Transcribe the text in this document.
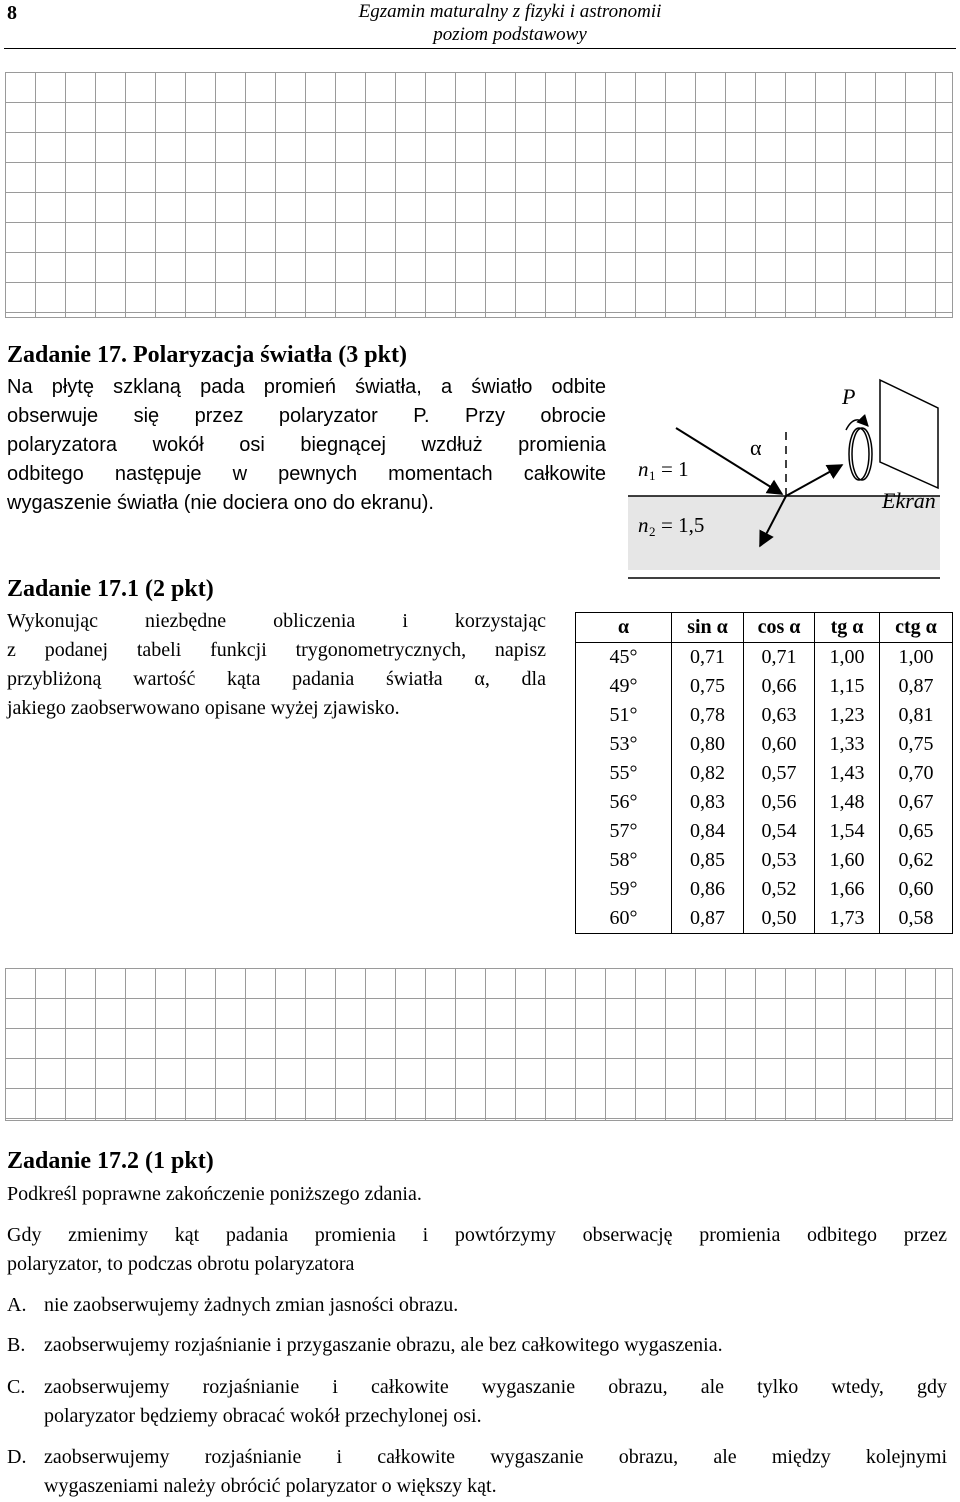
8	Egzamin maturalny z fizyki i astronomii
poziom podstawowy
Zadanie 17. Polaryzacja światła (3 pkt)
Na płytę szklaną pada promień światła, a światło odbite
obserwuje się przez polaryzator P. Przy obrocie
polaryzatora wokół osi biegnącej wzdłuż promienia
odbitego następuje w pewnych momentach całkowite
wygaszenie światła (nie dociera ono do ekranu).
n 1 = 1
n 2 = 1,5
α
P
Ekran
Zadanie 17.1 (2 pkt)
Wykonując niezbędne obliczenia i korzystając
z podanej tabeli funkcji trygonometrycznych, napisz
przybliżoną wartość kąta padania światła α, dla
jakiego zaobserwowano opisane wyżej zjawisko.
α	sin α	cos α	tg α	ctg α
45°	0,71	0,71	1,00	1,00
49°	0,75	0,66	1,15	0,87
51°	0,78	0,63	1,23	0,81
53°	0,80	0,60	1,33	0,75
55°	0,82	0,57	1,43	0,70
56°	0,83	0,56	1,48	0,67
57°	0,84	0,54	1,54	0,65
58°	0,85	0,53	1,60	0,62
59°	0,86	0,52	1,66	0,60
60°	0,87	0,50	1,73	0,58
Zadanie 17.2 (1 pkt)
Podkreśl poprawne zakończenie poniższego zdania.
Gdy zmienimy kąt padania promienia i powtórzymy obserwację promienia odbitego przez
polaryzator, to podczas obrotu polaryzatora
A. nie zaobserwujemy żadnych zmian jasności obrazu.
B. zaobserwujemy rozjaśnianie i przygaszanie obrazu, ale bez całkowitego wygaszenia.
C. zaobserwujemy rozjaśnianie i całkowite wygaszanie obrazu, ale tylko wtedy, gdy
polaryzator będziemy obracać wokół przechylonej osi.
D. zaobserwujemy rozjaśnianie i całkowite wygaszanie obrazu, ale między kolejnymi
wygaszeniami należy obrócić polaryzator o większy kąt.
